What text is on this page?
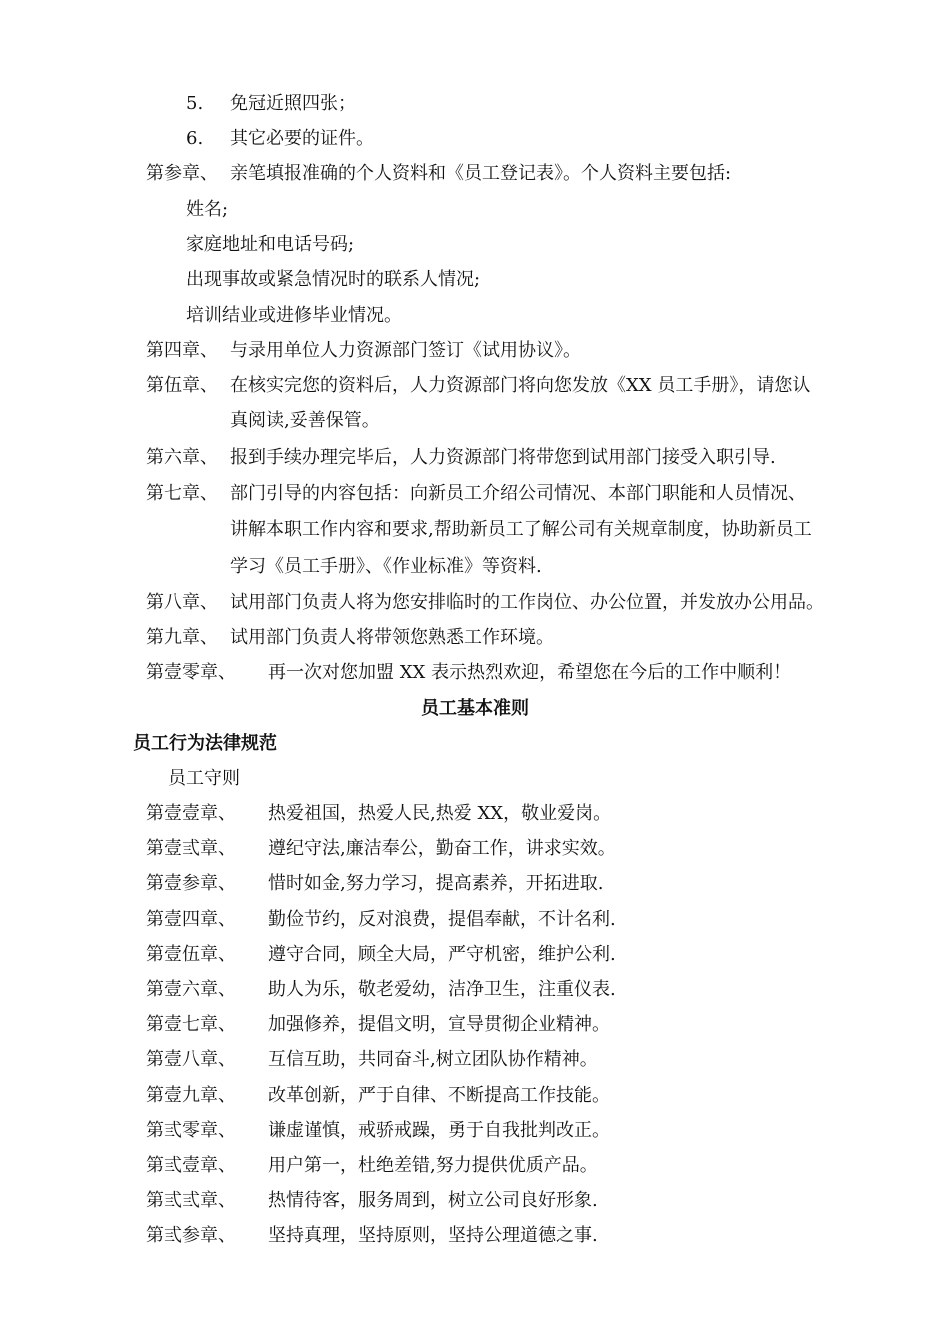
5. 免冠近照四张；
6. 其它必要的证件。
第参章、 亲笔填报准确的个人资料和《员工登记表》。个人资料主要包括:
姓名;
家庭地址和电话号码;
出现事故或紧急情况时的联系人情况;
培训结业或进修毕业情况。
第四章、 与录用单位人力资源部门签订《试用协议》。
第伍章、 在核实完您的资料后，人力资源部门将向您发放《XX 员工手册》，请您认
真阅读,妥善保管。
第六章、 报到手续办理完毕后，人力资源部门将带您到试用部门接受入职引导.
第七章、 部门引导的内容包括：向新员工介绍公司情况、本部门职能和人员情况、
讲解本职工作内容和要求,帮助新员工了解公司有关规章制度，协助新员工
学习《员工手册》、《作业标准》等资料.
第八章、 试用部门负责人将为您安排临时的工作岗位、办公位置，并发放办公用品。
第九章、 试用部门负责人将带领您熟悉工作环境。
第壹零章、 再一次对您加盟 XX 表示热烈欢迎，希望您在今后的工作中顺利！
员工基本准则
员工行为法律规范
员工守则
第壹壹章、 热爱祖国，热爱人民,热爱 XX，敬业爱岗。
第壹弎章、 遵纪守法,廉洁奉公，勤奋工作，讲求实效。
第壹参章、 惜时如金,努力学习，提高素养，开拓进取.
第壹四章、 勤俭节约，反对浪费，提倡奉献，不计名利.
第壹伍章、 遵守合同，顾全大局，严守机密，维护公利.
第壹六章、 助人为乐，敬老爱幼，洁净卫生，注重仪表.
第壹七章、 加强修养，提倡文明，宣导贯彻企业精神。
第壹八章、 互信互助，共同奋斗,树立团队协作精神。
第壹九章、 改革创新，严于自律、不断提高工作技能。
第弎零章、 谦虚谨慎，戒骄戒躁，勇于自我批判改正。
第弎壹章、 用户第一，杜绝差错,努力提供优质产品。
第弎弎章、 热情待客，服务周到，树立公司良好形象.
第弎参章、 坚持真理，坚持原则，坚持公理道德之事.
